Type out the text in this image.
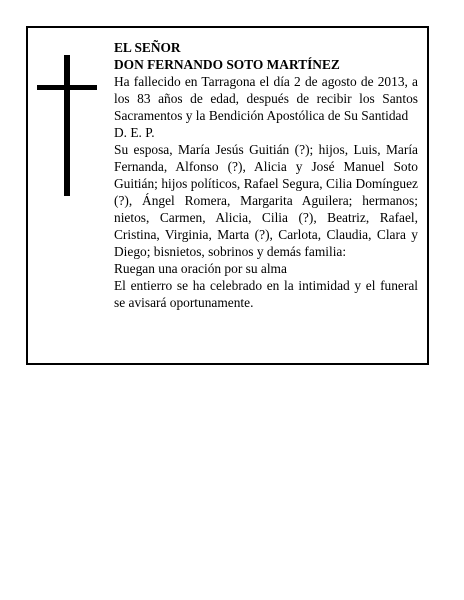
EL SEÑOR

DON FERNANDO SOTO MARTÍNEZ

Ha fallecido en Tarragona el día 2 de agosto de 2013, a los 83 años de edad, después de recibir los Santos Sacramentos y la Bendición Apostólica de Su Santidad

D. E. P.

Su esposa, María Jesús Guitián (?); hijos, Luis, María Fernanda, Alfonso (?), Alicia y José Manuel Soto Guitián; hijos políticos, Rafael Segura, Cilia Domínguez (?), Ángel Romera, Margarita Aguilera; hermanos; nietos, Carmen, Alicia, Cilia (?), Beatriz, Rafael, Cristina, Virginia, Marta (?), Carlota, Claudia, Clara y Diego; bisnietos, sobrinos y demás familia:

Ruegan una oración por su alma

El entierro se ha celebrado en la intimidad y el funeral se avisará oportunamente.
